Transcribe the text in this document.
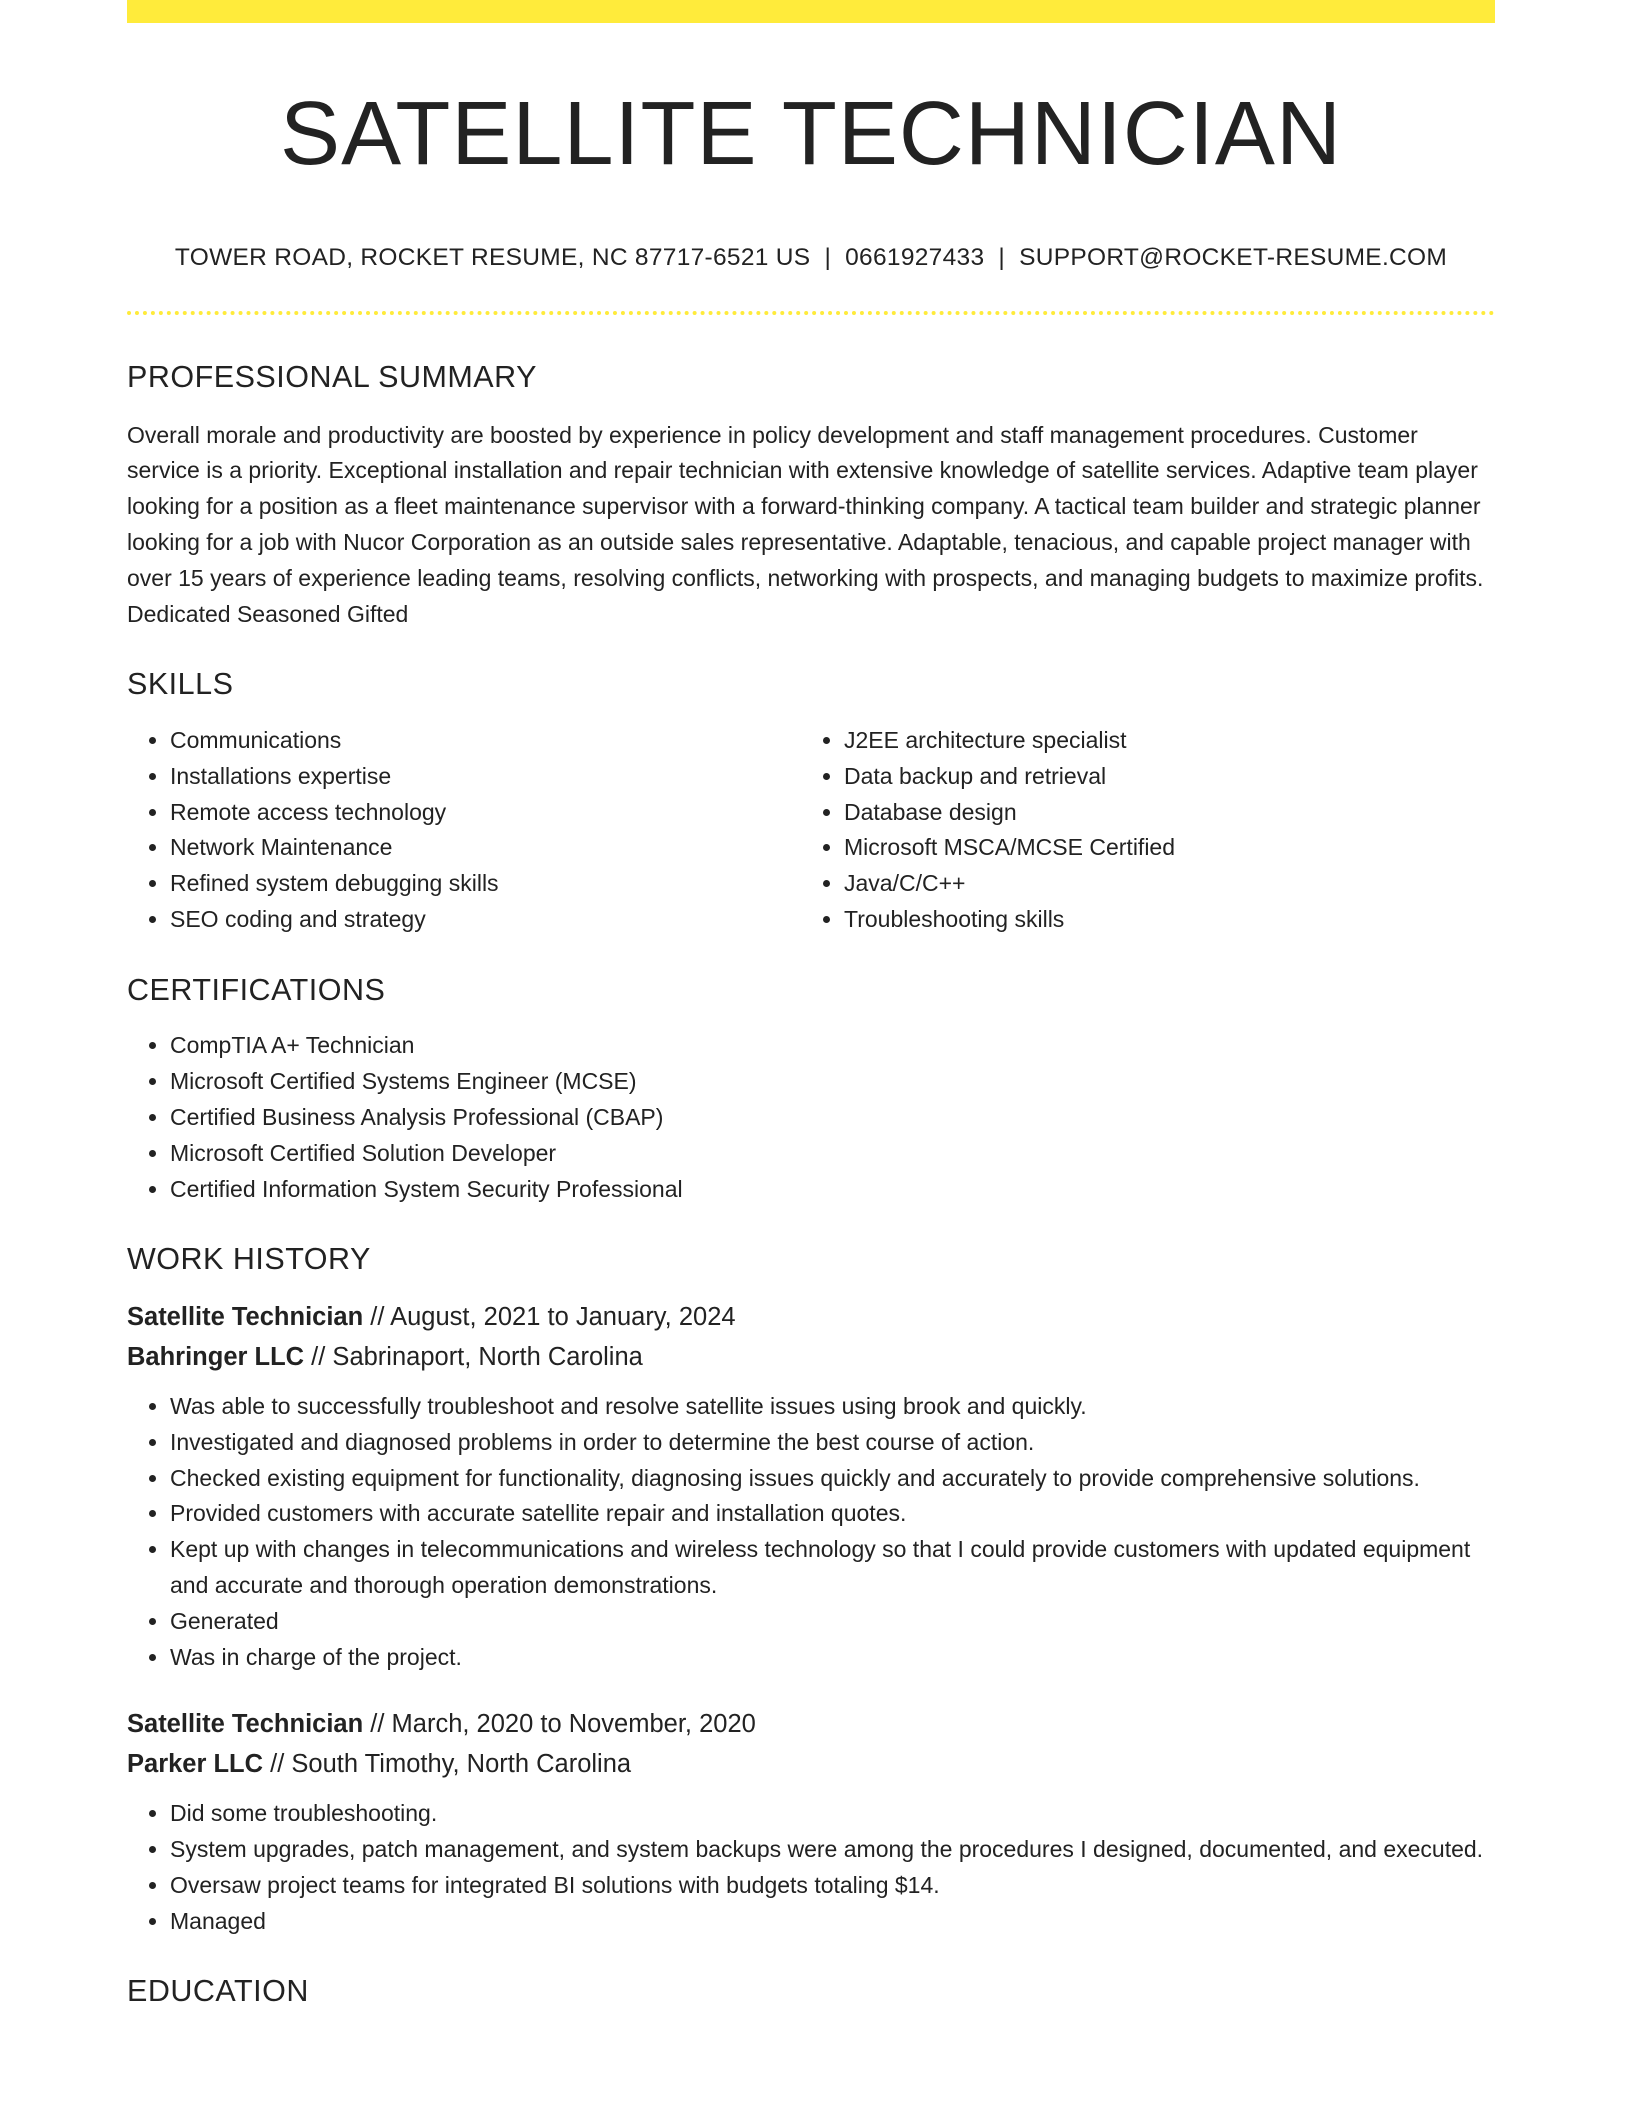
SATELLITE TECHNICIAN
TOWER ROAD, ROCKET RESUME, NC 87717-6521 US | 0661927433 | SUPPORT@ROCKET-RESUME.COM
PROFESSIONAL SUMMARY

Overall morale and productivity are boosted by experience in policy development and staff management procedures. Customer service is a priority. Exceptional installation and repair technician with extensive knowledge of satellite services. Adaptive team player looking for a position as a fleet maintenance supervisor with a forward-thinking company. A tactical team builder and strategic planner looking for a job with Nucor Corporation as an outside sales representative. Adaptable, tenacious, and capable project manager with over 15 years of experience leading teams, resolving conflicts, networking with prospects, and managing budgets to maximize profits. Dedicated Seasoned Gifted

SKILLS
• Communications
• Installations expertise
• Remote access technology
• Network Maintenance
• Refined system debugging skills
• SEO coding and strategy
• J2EE architecture specialist
• Data backup and retrieval
• Database design
• Microsoft MSCA/MCSE Certified
• Java/C/C++
• Troubleshooting skills
CERTIFICATIONS
• CompTIA A+ Technician
• Microsoft Certified Systems Engineer (MCSE)
• Certified Business Analysis Professional (CBAP)
• Microsoft Certified Solution Developer
• Certified Information System Security Professional
WORK HISTORY
Satellite Technician // August, 2021 to January, 2024
Bahringer LLC // Sabrinaport, North Carolina
• Was able to successfully troubleshoot and resolve satellite issues using brook and quickly.
• Investigated and diagnosed problems in order to determine the best course of action.
• Checked existing equipment for functionality, diagnosing issues quickly and accurately to provide comprehensive solutions.
• Provided customers with accurate satellite repair and installation quotes.
• Kept up with changes in telecommunications and wireless technology so that I could provide customers with updated equipment and accurate and thorough operation demonstrations.
• Generated
• Was in charge of the project.
Satellite Technician // March, 2020 to November, 2020
Parker LLC // South Timothy, North Carolina
• Did some troubleshooting.
• System upgrades, patch management, and system backups were among the procedures I designed, documented, and executed.
• Oversaw project teams for integrated BI solutions with budgets totaling $14.
• Managed
EDUCATION
